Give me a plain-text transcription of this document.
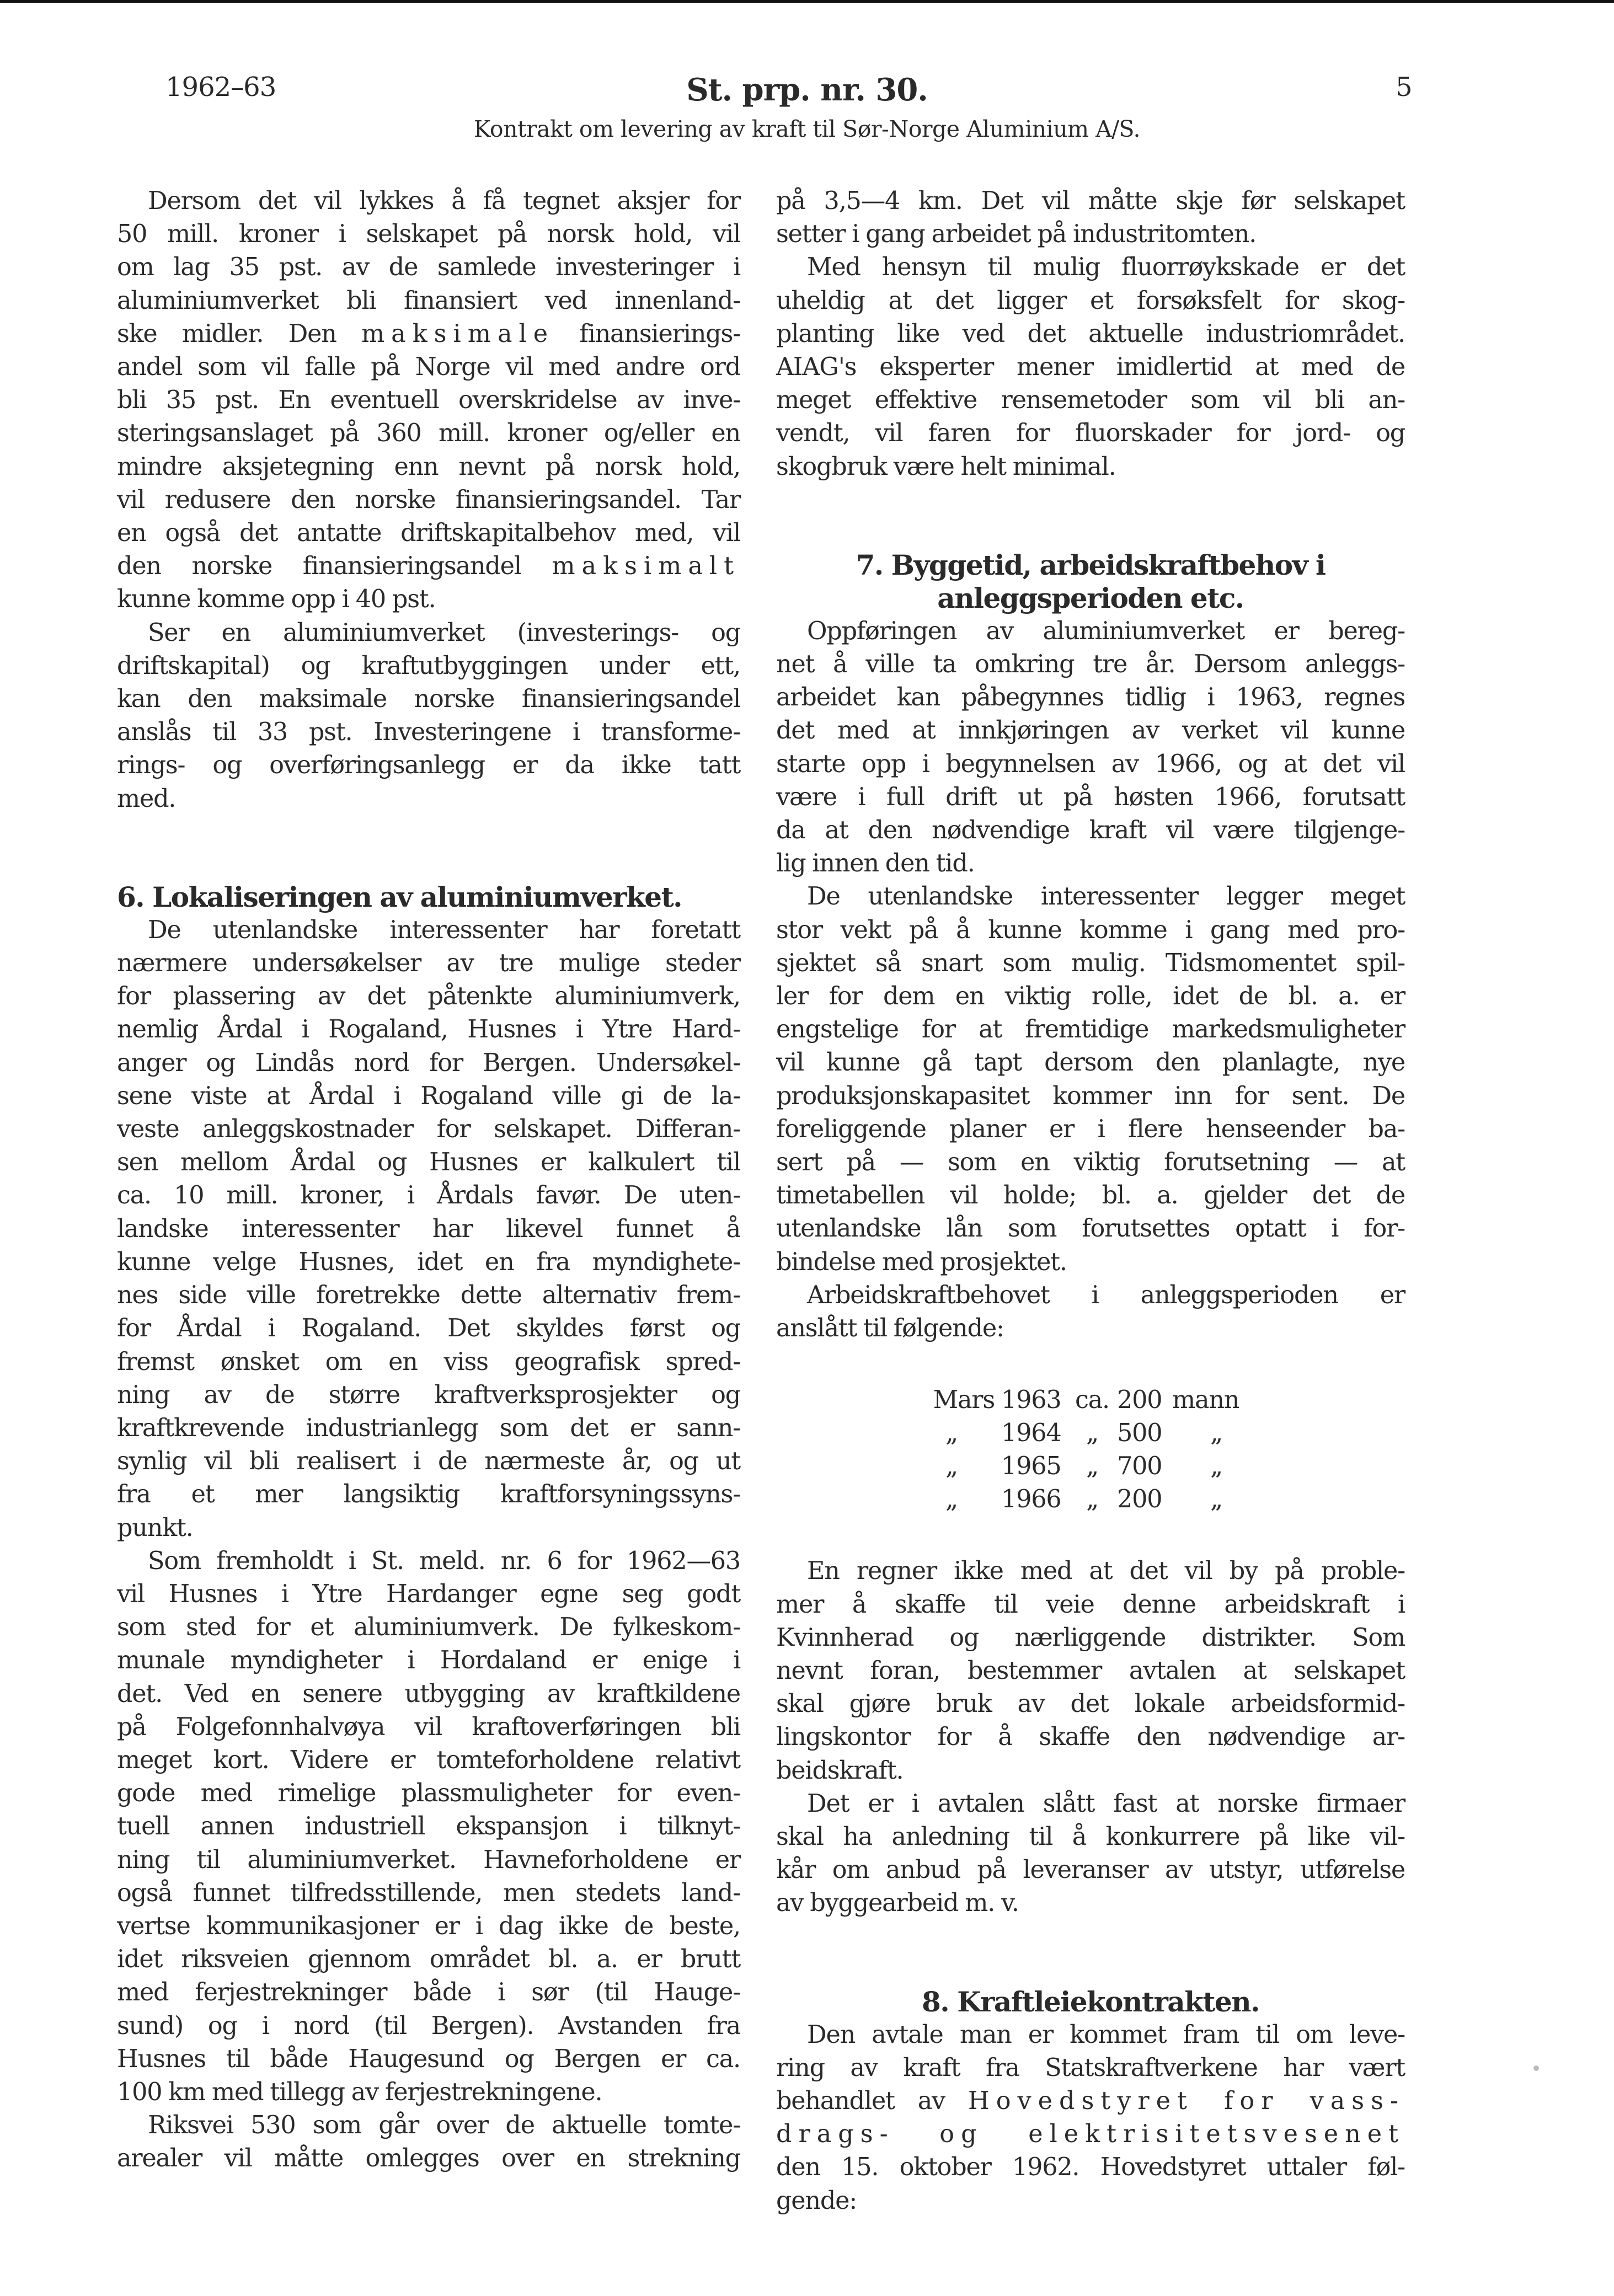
1962–63	St. prp. nr. 30.	5
Kontrakt om levering av kraft til Sør-Norge Aluminium A/S.

Dersom det vil lykkes å få tegnet aksjer for
50 mill. kroner i selskapet på norsk hold, vil
om lag 35 pst. av de samlede investeringer i
aluminiumverket bli finansiert ved innenland-
ske midler. Den maksimale finansierings-
andel som vil falle på Norge vil med andre ord
bli 35 pst. En eventuell overskridelse av inve-
steringsanslaget på 360 mill. kroner og/eller en
mindre aksjetegning enn nevnt på norsk hold,
vil redusere den norske finansieringsandel. Tar
en også det antatte driftskapitalbehov med, vil
den norske finansieringsandel maksimalt
kunne komme opp i 40 pst.

Ser en aluminiumverket (investerings- og
driftskapital) og kraftutbyggingen under ett,
kan den maksimale norske finansieringsandel
anslås til 33 pst. Investeringene i transforme-
rings- og overføringsanlegg er da ikke tatt
med.

6. Lokaliseringen av aluminiumverket.

De utenlandske interessenter har foretatt
nærmere undersøkelser av tre mulige steder
for plassering av det påtenkte aluminiumverk,
nemlig Årdal i Rogaland, Husnes i Ytre Hard-
anger og Lindås nord for Bergen. Undersøkel-
sene viste at Årdal i Rogaland ville gi de la-
veste anleggskostnader for selskapet. Differan-
sen mellom Årdal og Husnes er kalkulert til
ca. 10 mill. kroner, i Årdals favør. De uten-
landske interessenter har likevel funnet å
kunne velge Husnes, idet en fra myndighete-
nes side ville foretrekke dette alternativ frem-
for Årdal i Rogaland. Det skyldes først og
fremst ønsket om en viss geografisk spred-
ning av de større kraftverksprosjekter og
kraftkrevende industrianlegg som det er sann-
synlig vil bli realisert i de nærmeste år, og ut
fra et mer langsiktig kraftforsyningssyns-
punkt.

Som fremholdt i St. meld. nr. 6 for 1962—63
vil Husnes i Ytre Hardanger egne seg godt
som sted for et aluminiumverk. De fylkeskom-
munale myndigheter i Hordaland er enige i
det. Ved en senere utbygging av kraftkildene
på Folgefonnhalvøya vil kraftoverføringen bli
meget kort. Videre er tomteforholdene relativt
gode med rimelige plassmuligheter for even-
tuell annen industriell ekspansjon i tilknyt-
ning til aluminiumverket. Havneforholdene er
også funnet tilfredsstillende, men stedets land-
vertse kommunikasjoner er i dag ikke de beste,
idet riksveien gjennom området bl. a. er brutt
med ferjestrekninger både i sør (til Hauge-
sund) og i nord (til Bergen). Avstanden fra
Husnes til både Haugesund og Bergen er ca.
100 km med tillegg av ferjestrekningene.

Riksvei 530 som går over de aktuelle tomte-
arealer vil måtte omlegges over en strekning

på 3,5—4 km. Det vil måtte skje før selskapet
setter i gang arbeidet på industritomten.

Med hensyn til mulig fluorrøykskade er det
uheldig at det ligger et forsøksfelt for skog-
planting like ved det aktuelle industriområdet.
AIAG's eksperter mener imidlertid at med de
meget effektive rensemetoder som vil bli an-
vendt, vil faren for fluorskader for jord- og
skogbruk være helt minimal.

7. Byggetid, arbeidskraftbehov i
anleggsperioden etc.

Oppføringen av aluminiumverket er bereg-
net å ville ta omkring tre år. Dersom anleggs-
arbeidet kan påbegynnes tidlig i 1963, regnes
det med at innkjøringen av verket vil kunne
starte opp i begynnelsen av 1966, og at det vil
være i full drift ut på høsten 1966, forutsatt
da at den nødvendige kraft vil være tilgjenge-
lig innen den tid.

De utenlandske interessenter legger meget
stor vekt på å kunne komme i gang med pro-
sjektet så snart som mulig. Tidsmomentet spil-
ler for dem en viktig rolle, idet de bl. a. er
engstelige for at fremtidige markedsmuligheter
vil kunne gå tapt dersom den planlagte, nye
produksjonskapasitet kommer inn for sent. De
foreliggende planer er i flere henseender ba-
sert på — som en viktig forutsetning — at
timetabellen vil holde; bl. a. gjelder det de
utenlandske lån som forutsettes optatt i for-
bindelse med prosjektet.

Arbeidskraftbehovet i anleggsperioden er
anslått til følgende:

Mars 1963 ca. 200 mann
„	1964	„ 500	„
„	1965	„ 700	„
„	1966	„ 200	„

En regner ikke med at det vil by på proble-
mer å skaffe til veie denne arbeidskraft i
Kvinnherad og nærliggende distrikter. Som
nevnt foran, bestemmer avtalen at selskapet
skal gjøre bruk av det lokale arbeidsformid-
lingskontor for å skaffe den nødvendige ar-
beidskraft.

Det er i avtalen slått fast at norske firmaer
skal ha anledning til å konkurrere på like vil-
kår om anbud på leveranser av utstyr, utførelse
av byggearbeid m. v.

8. Kraftleiekontrakten.

Den avtale man er kommet fram til om leve-
ring av kraft fra Statskraftverkene har vært
behandlet av Hovedstyret for vass-
drags- og elektrisitetsvesenet
den 15. oktober 1962. Hovedstyret uttaler føl-
gende:
